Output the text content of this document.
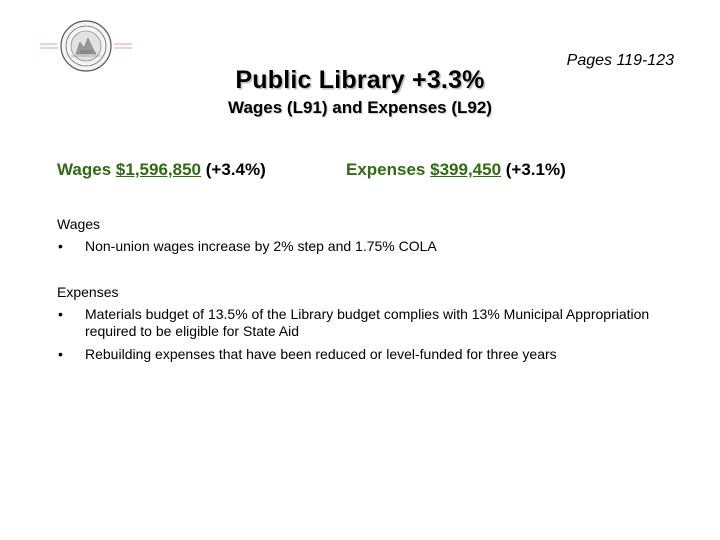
Pages 119-123
Public Library +3.3%
Wages (L91) and Expenses (L92)
Wages $1,596,850 (+3.4%)	Expenses $399,450 (+3.1%)
Wages
• Non-union wages increase by 2% step and 1.75% COLA
Expenses
• Materials budget of 13.5% of the Library budget complies with 13% Municipal Appropriation required to be eligible for State Aid
• Rebuilding expenses that have been reduced or level-funded for three years
